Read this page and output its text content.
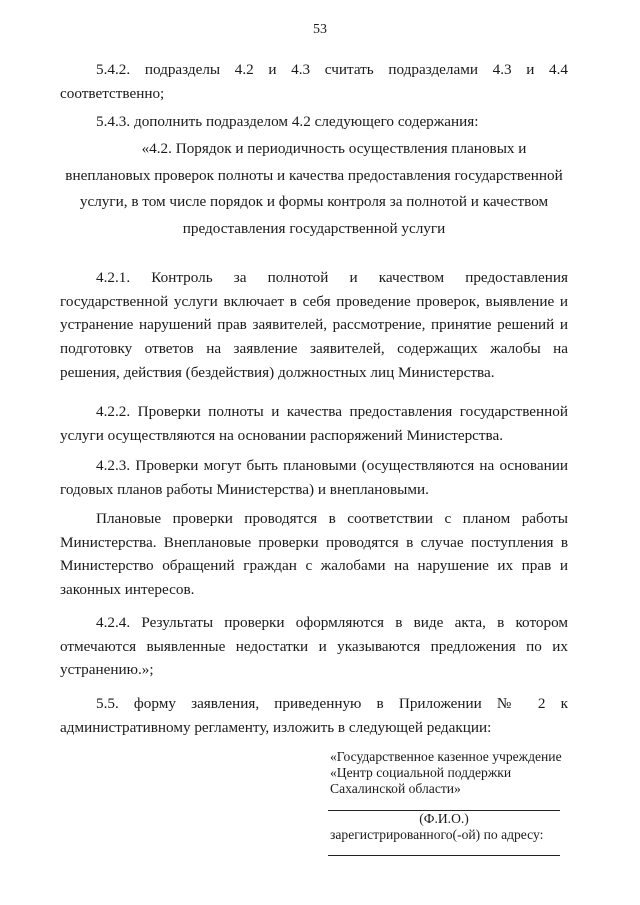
53

5.4.2. подразделы 4.2 и 4.3 считать подразделами 4.3 и 4.4
соответственно;

5.4.3. дополнить подразделом 4.2 следующего содержания:

«4.2. Порядок и периодичность осуществления плановых и
внеплановых проверок полноты и качества предоставления государственной
услуги, в том числе порядок и формы контроля за полнотой и качеством
предоставления государственной услуги

4.2.1. Контроль за полнотой и качеством предоставления государственной услуги включает в себя проведение проверок, выявление и устранение нарушений прав заявителей, рассмотрение, принятие решений и подготовку ответов на заявление заявителей, содержащих жалобы на решения, действия (бездействия) должностных лиц Министерства.

4.2.2. Проверки полноты и качества предоставления государственной услуги осуществляются на основании распоряжений Министерства.

4.2.3. Проверки могут быть плановыми (осуществляются на основании годовых планов работы Министерства) и внеплановыми.

Плановые проверки проводятся в соответствии с планом работы Министерства. Внеплановые проверки проводятся в случае поступления в Министерство обращений граждан с жалобами на нарушение их прав и законных интересов.

4.2.4. Результаты проверки оформляются в виде акта, в котором отмечаются выявленные недостатки и указываются предложения по их устранению.»;

5.5. форму заявления, приведенную в Приложении № 2 к административному регламенту, изложить в следующей редакции:

«Государственное казенное учреждение
«Центр социальной поддержки
Сахалинской области»
(Ф.И.О.)
зарегистрированного(-ой) по адресу:
